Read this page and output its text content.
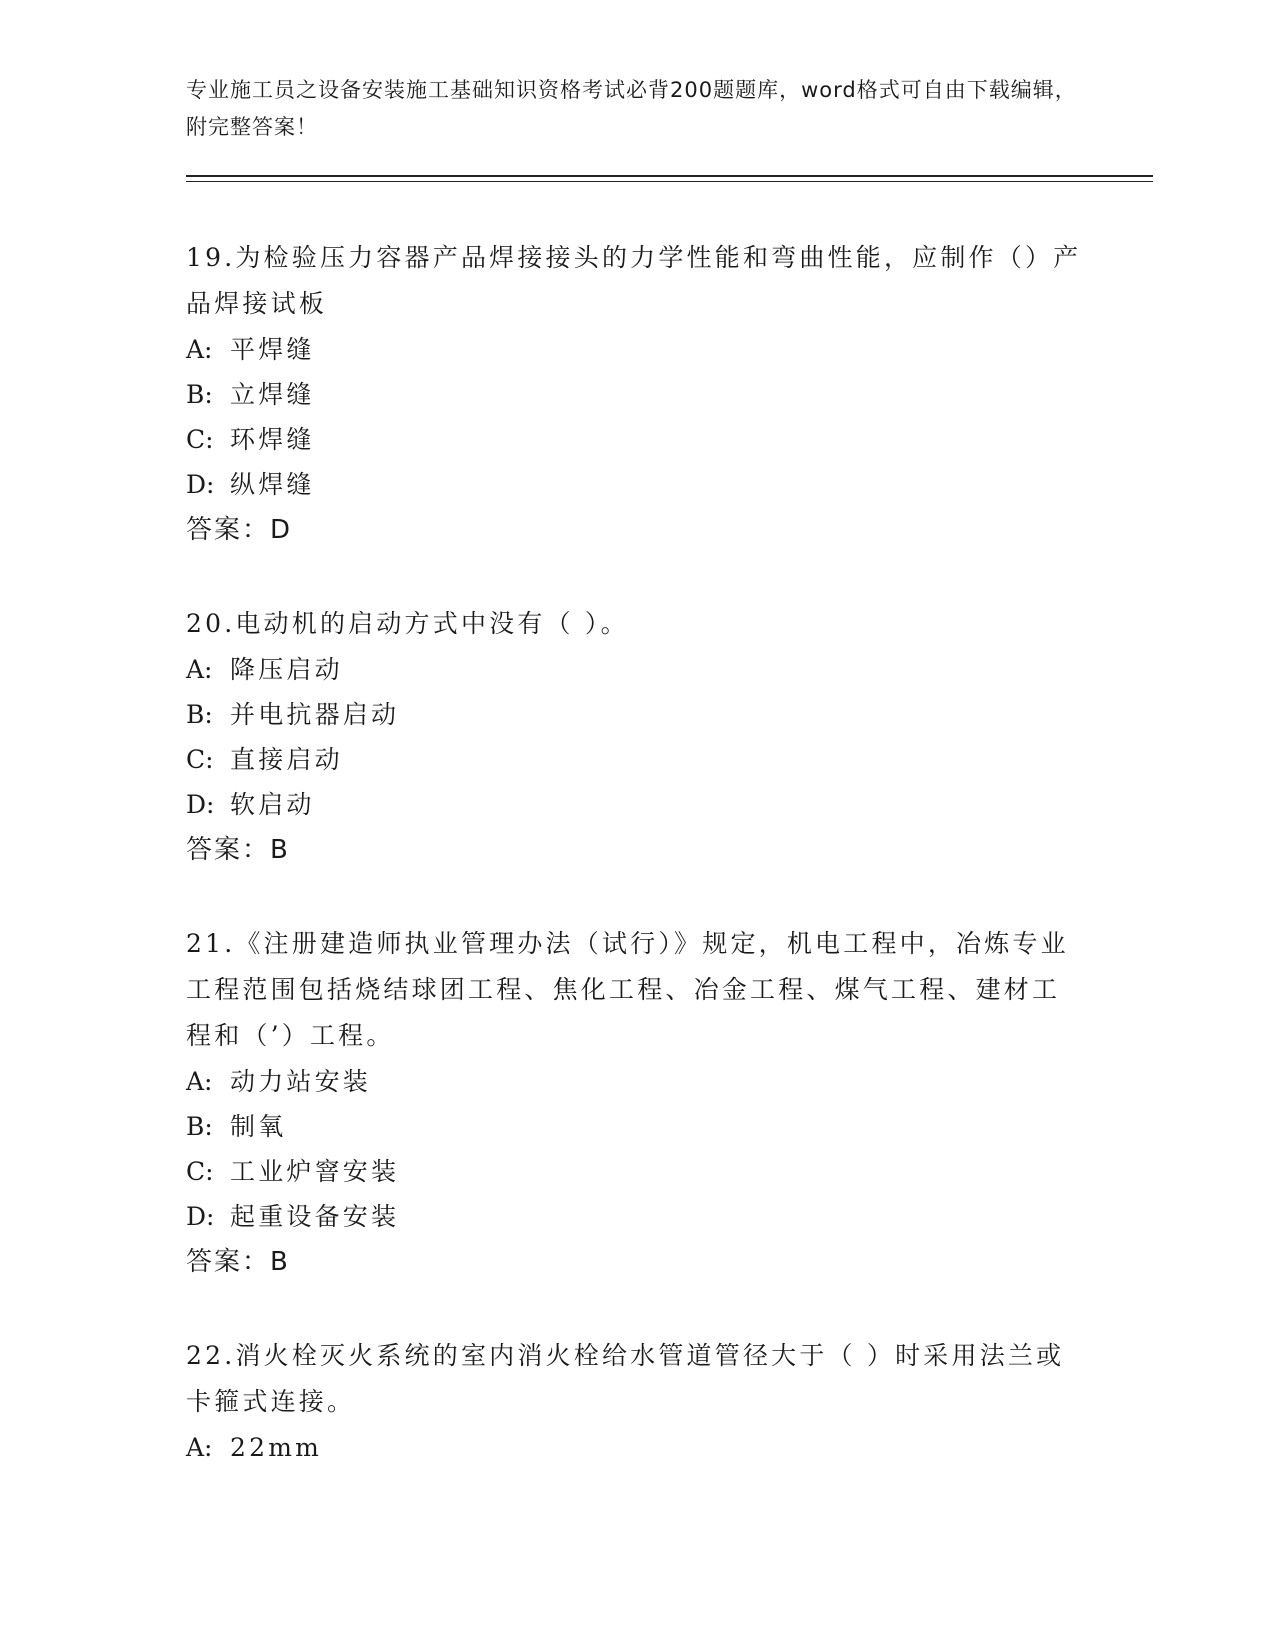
专业施工员之设备安装施工基础知识资格考试必背200题题库，word格式可自由下载编辑，附完整答案！

19.为检验压力容器产品焊接接头的力学性能和弯曲性能，应制作（）产品焊接试板

A: 平焊缝
B: 立焊缝
C: 环焊缝
D: 纵焊缝
答案：D

20.电动机的启动方式中没有（ ）。

A: 降压启动
B: 并电抗器启动
C: 直接启动
D: 软启动
答案：B

21.《注册建造师执业管理办法（试行）》规定，机电工程中，冶炼专业工程范围包括烧结球团工程、焦化工程、冶金工程、煤气工程、建材工程和（’）工程。

A: 动力站安装
B: 制氧
C: 工业炉窨安装
D: 起重设备安装
答案：B

22.消火栓灭火系统的室内消火栓给水管道管径大于（ ）时采用法兰或卡箍式连接。

A: 22mm
